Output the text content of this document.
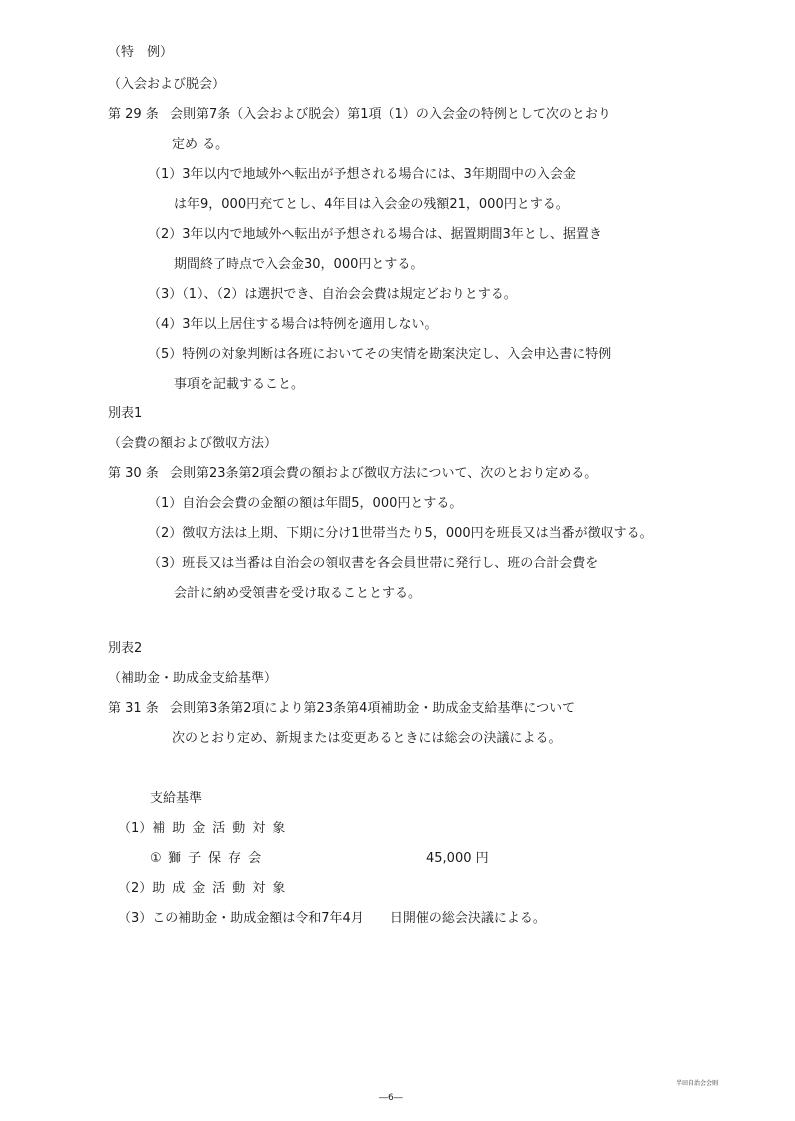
（特　例）
（入会および脱会）
第 29 条 会則第7条（入会および脱会）第1項（1）の入会金の特例として次のとおり
定め る。
（1）3年以内で地域外へ転出が予想される場合には、3年期間中の入会金
は年9，000円充てとし、4年目は入会金の残額21，000円とする。
（2）3年以内で地域外へ転出が予想される場合は、据置期間3年とし、据置き
期間終了時点で入会金30，000円とする。
（3）（1）、（2）は選択でき、自治会会費は規定どおりとする。
（4）3年以上居住する場合は特例を適用しない。
（5）特例の対象判断は各班においてその実情を勘案決定し、入会申込書に特例
事項を記載すること。
別表1
（会費の額および徴収方法）
第 30 条 会則第23条第2項会費の額および徴収方法について、次のとおり定める。
（1）自治会会費の金額の額は年間5，000円とする。
（2）徴収方法は上期、下期に分け1世帯当たり5，000円を班長又は当番が徴収する。
（3）班長又は当番は自治会の領収書を各会員世帯に発行し、班の合計会費を
会計に納め受領書を受け取ることとする。
別表2
（補助金・助成金支給基準）
第 31 条 会則第3条第2項により第23条第4項補助金・助成金支給基準について
次のとおり定め、新規または変更あるときには総会の決議による。
支給基準
（1）補助金活動対象
①  獅子保存会	45,000 円
（2）助成金活動対象
（3）この補助金・助成金額は令和7年4月　　日開催の総会決議による。
半田自治会会則
―6―
